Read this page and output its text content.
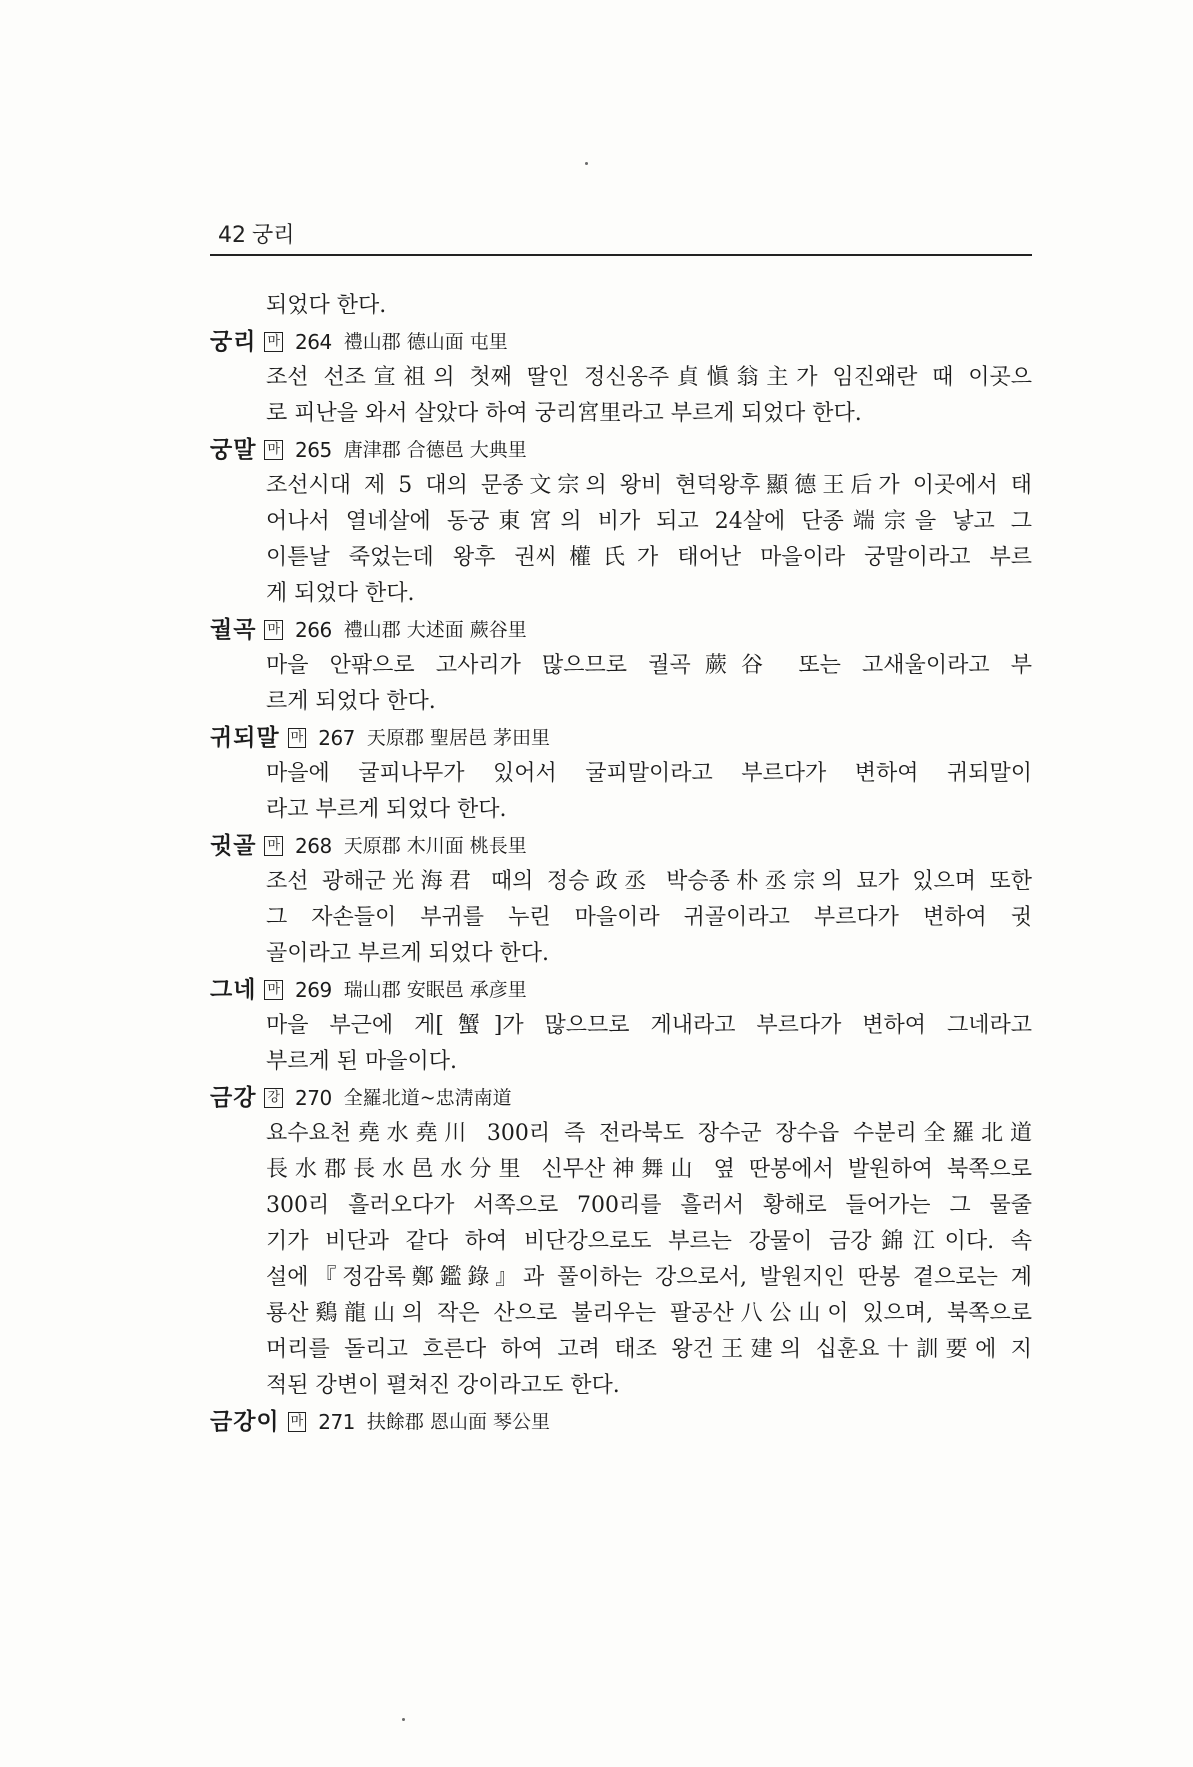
42 궁리
되었다 한다.
궁리 마 264 禮山郡 德山面 屯里
조선 선조宣祖의 첫째 딸인 정신옹주貞愼翁主가 임진왜란 때 이곳으
로 피난을 와서 살았다 하여 궁리宮里라고 부르게 되었다 한다.
궁말 마 265 唐津郡 合德邑 大典里
조선시대 제 5 대의 문종文宗의 왕비 현덕왕후顯德王后가 이곳에서 태
어나서 열네살에 동궁東宮의 비가 되고 24살에 단종端宗을 낳고 그
이튿날 죽었는데 왕후 권씨權氏가 태어난 마을이라 궁말이라고 부르
게 되었다 한다.
궐곡 마 266 禮山郡 大述面 蕨谷里
마을 안팎으로 고사리가 많으므로 궐곡蕨谷 또는 고새울이라고 부
르게 되었다 한다.
귀되말 마 267 天原郡 聖居邑 茅田里
마을에 굴피나무가 있어서 굴피말이라고 부르다가 변하여 귀되말이
라고 부르게 되었다 한다.
귓골 마 268 天原郡 木川面 桃長里
조선 광해군光海君 때의 정승政丞 박승종朴丞宗의 묘가 있으며 또한
그 자손들이 부귀를 누린 마을이라 귀골이라고 부르다가 변하여 귓
골이라고 부르게 되었다 한다.
그네 마 269 瑞山郡 安眠邑 承彦里
마을 부근에 게[蟹]가 많으므로 게내라고 부르다가 변하여 그네라고
부르게 된 마을이다.
금강 강 270 全羅北道~忠淸南道
요수요천堯水堯川 300리 즉 전라북도 장수군 장수읍 수분리全羅北道
長水郡長水邑水分里 신무산神舞山 옆 딴봉에서 발원하여 북쪽으로
300리 흘러오다가 서쪽으로 700리를 흘러서 황해로 들어가는 그 물줄
기가 비단과 같다 하여 비단강으로도 부르는 강물이 금강錦江이다. 속
설에『정감록鄭鑑錄』과 풀이하는 강으로서, 발원지인 딴봉 곁으로는 계
룡산鷄龍山의 작은 산으로 불리우는 팔공산八公山이 있으며, 북쪽으로
머리를 돌리고 흐른다 하여 고려 태조 왕건王建의 십훈요十訓要에 지
적된 강변이 펼쳐진 강이라고도 한다.
금강이 마 271 扶餘郡 恩山面 琴公里
